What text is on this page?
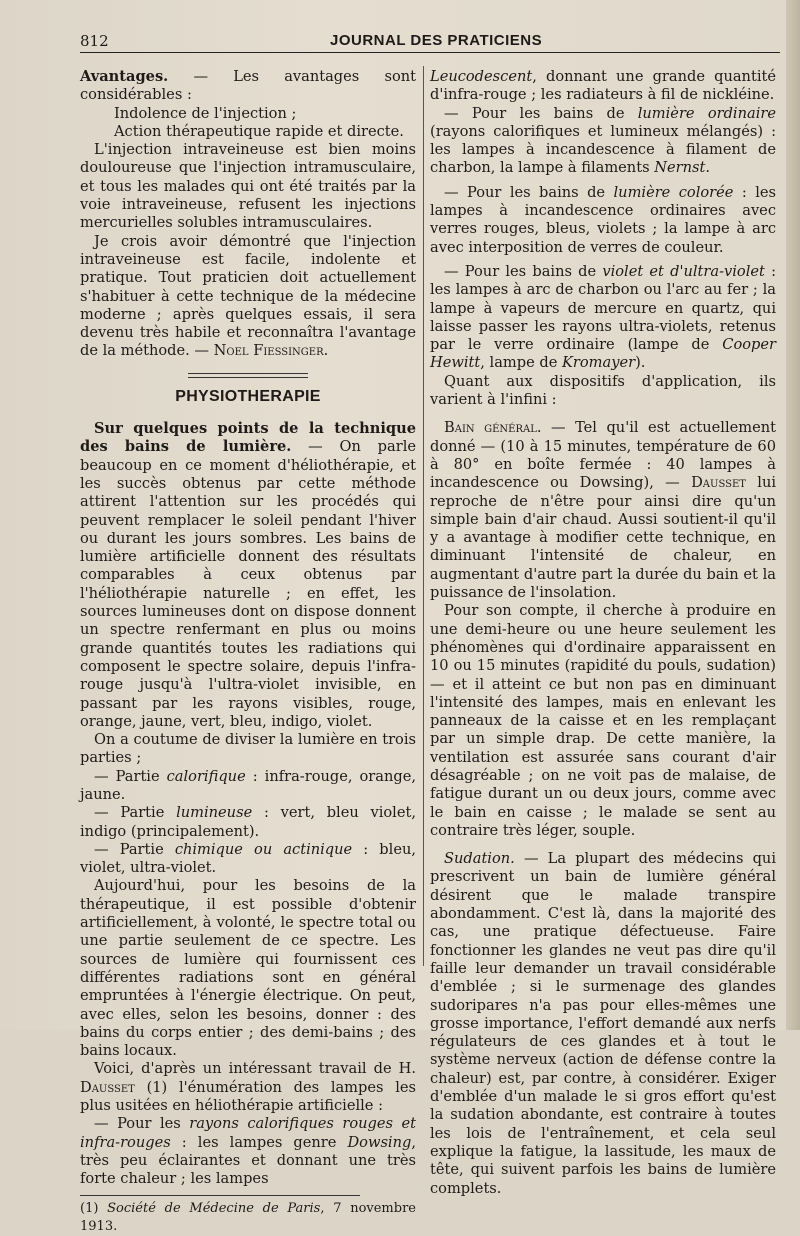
812	JOURNAL DES PRATICIENS

Avantages. — Les avantages sont considérables :

Indolence de l'injection ;

Action thérapeutique rapide et directe.

L'injection intraveineuse est bien moins douloureuse que l'injection intramusculaire, et tous les malades qui ont été traités par la voie intraveineuse, refusent les injections mercurielles solubles intramusculaires.

Je crois avoir démontré que l'injection intraveineuse est facile, indolente et pratique. Tout praticien doit actuellement s'habituer à cette technique de la médecine moderne ; après quelques essais, il sera devenu très habile et reconnaîtra l'avantage de la méthode. — Noel Fiessinger.

PHYSIOTHERAPIE

Sur quelques points de la technique des bains de lumière. — On parle beaucoup en ce moment d'héliothérapie, et les succès obtenus par cette méthode attirent l'attention sur les procédés qui peuvent remplacer le soleil pendant l'hiver ou durant les jours sombres. Les bains de lumière artificielle donnent des résultats comparables à ceux obtenus par l'héliothérapie naturelle ; en effet, les sources lumineuses dont on dispose donnent un spectre renfermant en plus ou moins grande quantités toutes les radiations qui composent le spectre solaire, depuis l'infra-rouge jusqu'à l'ultra-violet invisible, en passant par les rayons visibles, rouge, orange, jaune, vert, bleu, indigo, violet.

On a coutume de diviser la lumière en trois parties ;

— Partie calorifique : infra-rouge, orange, jaune.

— Partie lumineuse : vert, bleu violet, indigo (principalement).

— Partie chimique ou actinique : bleu, violet, ultra-violet.

Aujourd'hui, pour les besoins de la thérapeutique, il est possible d'obtenir artificiellement, à volonté, le spectre total ou une partie seulement de ce spectre. Les sources de lumière qui fournissent ces différentes radiations sont en général empruntées à l'énergie électrique. On peut, avec elles, selon les besoins, donner : des bains du corps entier ; des demi-bains ; des bains locaux.

Voici, d'après un intéressant travail de H. Dausset (1) l'énumération des lampes les plus usitées en héliothérapie artificielle :

— Pour les rayons calorifiques rouges et infra-rouges : les lampes genre Dowsing, très peu éclairantes et donnant une très forte chaleur ; les lampes

(1) Société de Médecine de Paris, 7 novembre 1913.

Leucodescent, donnant une grande quantité d'infra-rouge ; les radiateurs à fil de nickléine.

— Pour les bains de lumière ordinaire (rayons calorifiques et lumineux mélangés) : les lampes à incandescence à filament de charbon, la lampe à filaments Nernst.

— Pour les bains de lumière colorée : les lampes à incandescence ordinaires avec verres rouges, bleus, violets ; la lampe à arc avec interposition de verres de couleur.

— Pour les bains de violet et d'ultra-violet : les lampes à arc de charbon ou l'arc au fer ; la lampe à vapeurs de mercure en quartz, qui laisse passer les rayons ultra-violets, retenus par le verre ordinaire (lampe de Cooper Hewitt, lampe de Kromayer).

Quant aux dispositifs d'application, ils varient à l'infini :

Bain général. — Tel qu'il est actuellement donné — (10 à 15 minutes, température de 60 à 80° en boîte fermée : 40 lampes à incandescence ou Dowsing), — Dausset lui reproche de n'être pour ainsi dire qu'un simple bain d'air chaud. Aussi soutient-il qu'il y a avantage à modifier cette technique, en diminuant l'intensité de chaleur, en augmentant d'autre part la durée du bain et la puissance de l'insolation.

Pour son compte, il cherche à produire en une demi-heure ou une heure seulement les phénomènes qui d'ordinaire apparaissent en 10 ou 15 minutes (rapidité du pouls, sudation) — et il atteint ce but non pas en diminuant l'intensité des lampes, mais en enlevant les panneaux de la caisse et en les remplaçant par un simple drap. De cette manière, la ventilation est assurée sans courant d'air désagréable ; on ne voit pas de malaise, de fatigue durant un ou deux jours, comme avec le bain en caisse ; le malade se sent au contraire très léger, souple.

Sudation. — La plupart des médecins qui prescrivent un bain de lumière général désirent que le malade transpire abondamment. C'est là, dans la majorité des cas, une pratique défectueuse. Faire fonctionner les glandes ne veut pas dire qu'il faille leur demander un travail considérable d'emblée ; si le surmenage des glandes sudoripares n'a pas pour elles-mêmes une grosse importance, l'effort demandé aux nerfs régulateurs de ces glandes et à tout le système nerveux (action de défense contre la chaleur) est, par contre, à considérer. Exiger d'emblée d'un malade le si gros effort qu'est la sudation abondante, est contraire à toutes les lois de l'entraînement, et cela seul explique la fatigue, la lassitude, les maux de tête, qui suivent parfois les bains de lumière complets.
